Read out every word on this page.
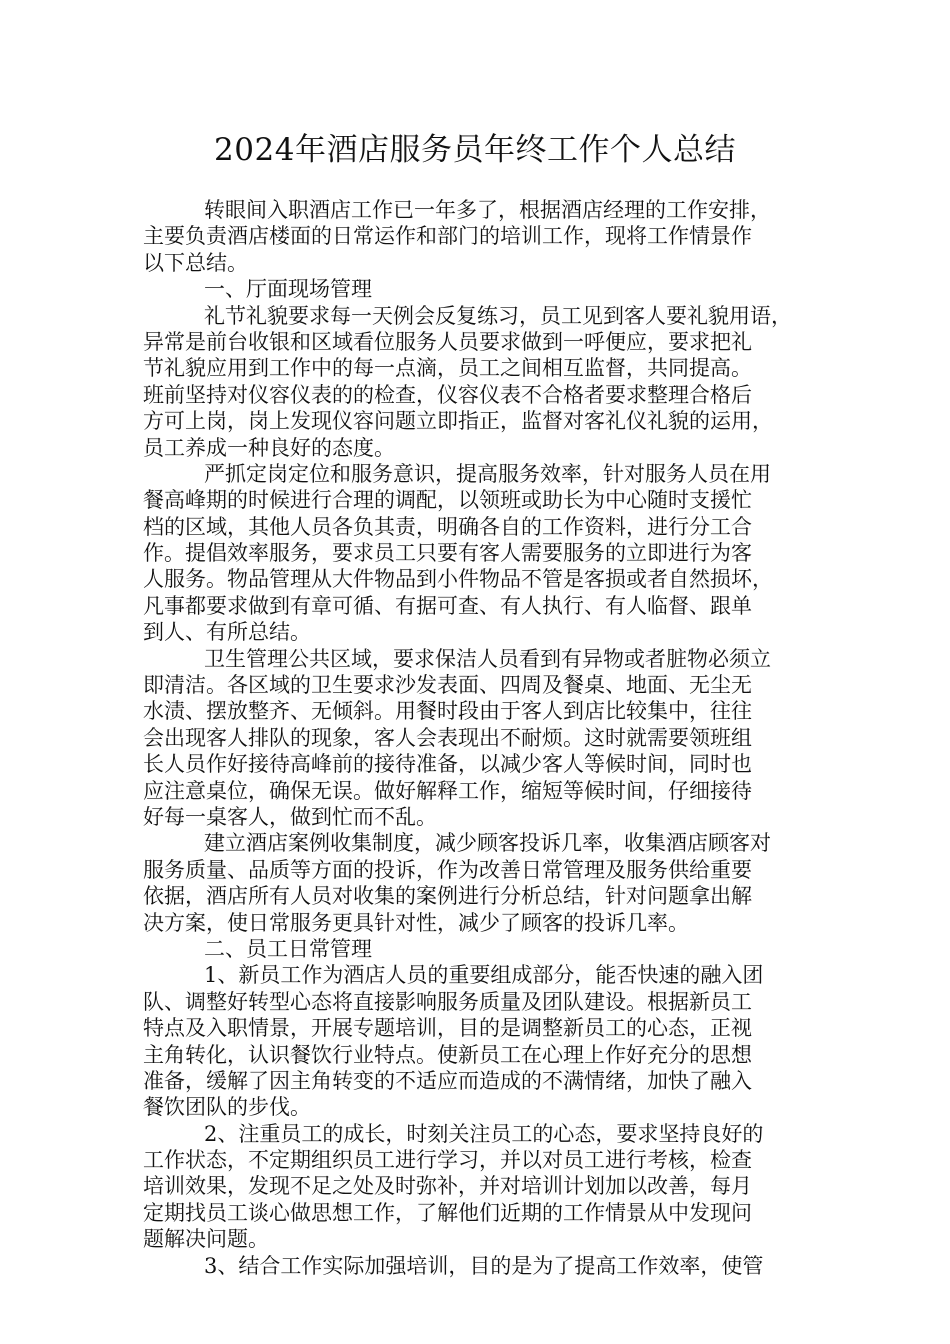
2024年酒店服务员年终工作个人总结
转眼间入职酒店工作已一年多了，根据酒店经理的工作安排，
主要负责酒店楼面的日常运作和部门的培训工作，现将工作情景作
以下总结。
一、厅面现场管理
礼节礼貌要求每一天例会反复练习，员工见到客人要礼貌用语，
异常是前台收银和区域看位服务人员要求做到一呼便应，要求把礼
节礼貌应用到工作中的每一点滴，员工之间相互监督，共同提高。
班前坚持对仪容仪表的的检查，仪容仪表不合格者要求整理合格后
方可上岗，岗上发现仪容问题立即指正，监督对客礼仪礼貌的运用，
员工养成一种良好的态度。
严抓定岗定位和服务意识，提高服务效率，针对服务人员在用
餐高峰期的时候进行合理的调配，以领班或助长为中心随时支援忙
档的区域，其他人员各负其责，明确各自的工作资料，进行分工合
作。提倡效率服务，要求员工只要有客人需要服务的立即进行为客
人服务。物品管理从大件物品到小件物品不管是客损或者自然损坏，
凡事都要求做到有章可循、有据可查、有人执行、有人临督、跟单
到人、有所总结。
卫生管理公共区域，要求保洁人员看到有异物或者脏物必须立
即清洁。各区域的卫生要求沙发表面、四周及餐桌、地面、无尘无
水渍、摆放整齐、无倾斜。用餐时段由于客人到店比较集中，往往
会出现客人排队的现象，客人会表现出不耐烦。这时就需要领班组
长人员作好接待高峰前的接待准备，以减少客人等候时间，同时也
应注意桌位，确保无误。做好解释工作，缩短等候时间，仔细接待
好每一桌客人，做到忙而不乱。
建立酒店案例收集制度，减少顾客投诉几率，收集酒店顾客对
服务质量、品质等方面的投诉，作为改善日常管理及服务供给重要
依据，酒店所有人员对收集的案例进行分析总结，针对问题拿出解
决方案，使日常服务更具针对性，减少了顾客的投诉几率。
二、员工日常管理
1、新员工作为酒店人员的重要组成部分，能否快速的融入团
队、调整好转型心态将直接影响服务质量及团队建设。根据新员工
特点及入职情景，开展专题培训，目的是调整新员工的心态，正视
主角转化，认识餐饮行业特点。使新员工在心理上作好充分的思想
准备，缓解了因主角转变的不适应而造成的不满情绪，加快了融入
餐饮团队的步伐。
2、注重员工的成长，时刻关注员工的心态，要求坚持良好的
工作状态，不定期组织员工进行学习，并以对员工进行考核，检查
培训效果，发现不足之处及时弥补，并对培训计划加以改善，每月
定期找员工谈心做思想工作，了解他们近期的工作情景从中发现问
题解决问题。
3、结合工作实际加强培训，目的是为了提高工作效率，使管
